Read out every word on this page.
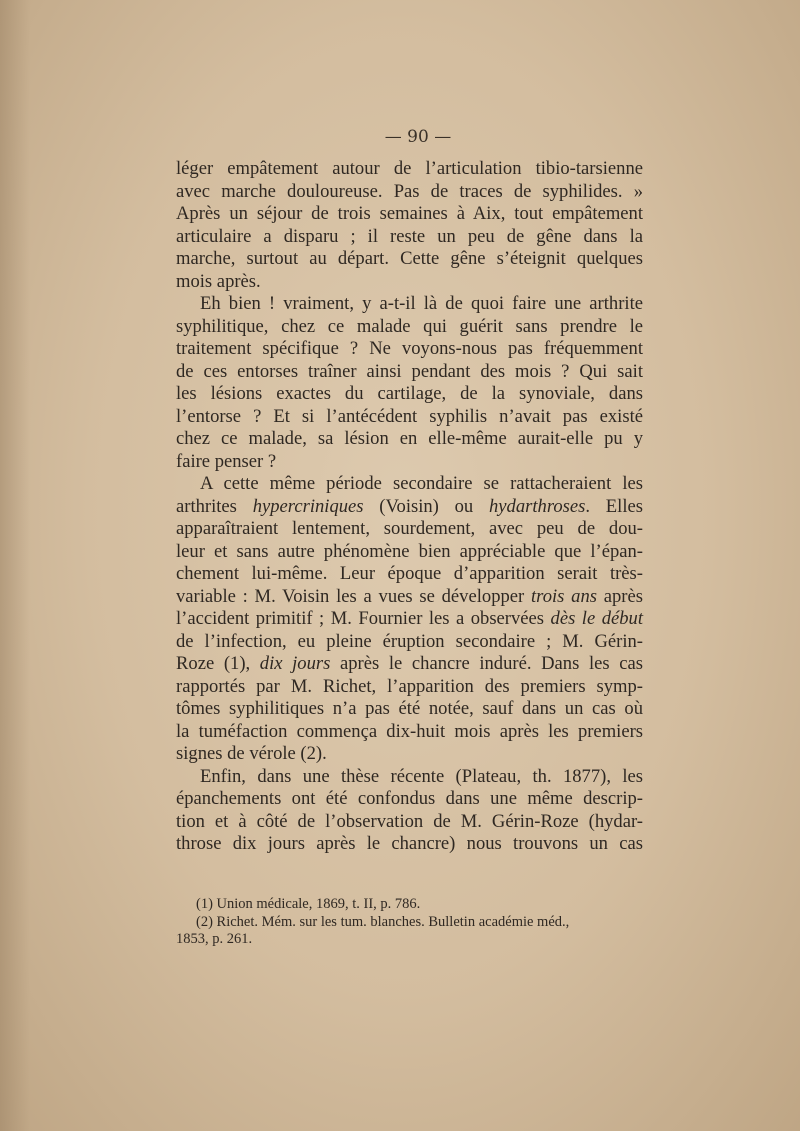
— 90 —

léger empâtement autour de l’articulation tibio-tarsienne
avec marche douloureuse. Pas de traces de syphilides. »
Après un séjour de trois semaines à Aix, tout empâtement
articulaire a disparu ; il reste un peu de gêne dans la
marche, surtout au départ. Cette gêne s’éteignit quelques
mois après.

Eh bien ! vraiment, y a-t-il là de quoi faire une arthrite
syphilitique, chez ce malade qui guérit sans prendre le
traitement spécifique ? Ne voyons-nous pas fréquemment
de ces entorses traîner ainsi pendant des mois ? Qui sait
les lésions exactes du cartilage, de la synoviale, dans
l’entorse ? Et si l’antécédent syphilis n’avait pas existé
chez ce malade, sa lésion en elle-même aurait-elle pu y
faire penser ?

A cette même période secondaire se rattacheraient les
arthrites hypercriniques (Voisin) ou hydarthroses. Elles
apparaîtraient lentement, sourdement, avec peu de dou-
leur et sans autre phénomène bien appréciable que l’épan-
chement lui-même. Leur époque d’apparition serait très-
variable : M. Voisin les a vues se développer trois ans après
l’accident primitif ; M. Fournier les a observées dès le début
de l’infection, eu pleine éruption secondaire ; M. Gérin-
Roze (1), dix jours après le chancre induré. Dans les cas
rapportés par M. Richet, l’apparition des premiers symp-
tômes syphilitiques n’a pas été notée, sauf dans un cas où
la tuméfaction commença dix-huit mois après les premiers
signes de vérole (2).

Enfin, dans une thèse récente (Plateau, th. 1877), les
épanchements ont été confondus dans une même descrip-
tion et à côté de l’observation de M. Gérin-Roze (hydar-
throse dix jours après le chancre) nous trouvons un cas

(1) Union médicale, 1869, t. II, p. 786.
(2) Richet. Mém. sur les tum. blanches. Bulletin académie méd.,
1853, p. 261.
